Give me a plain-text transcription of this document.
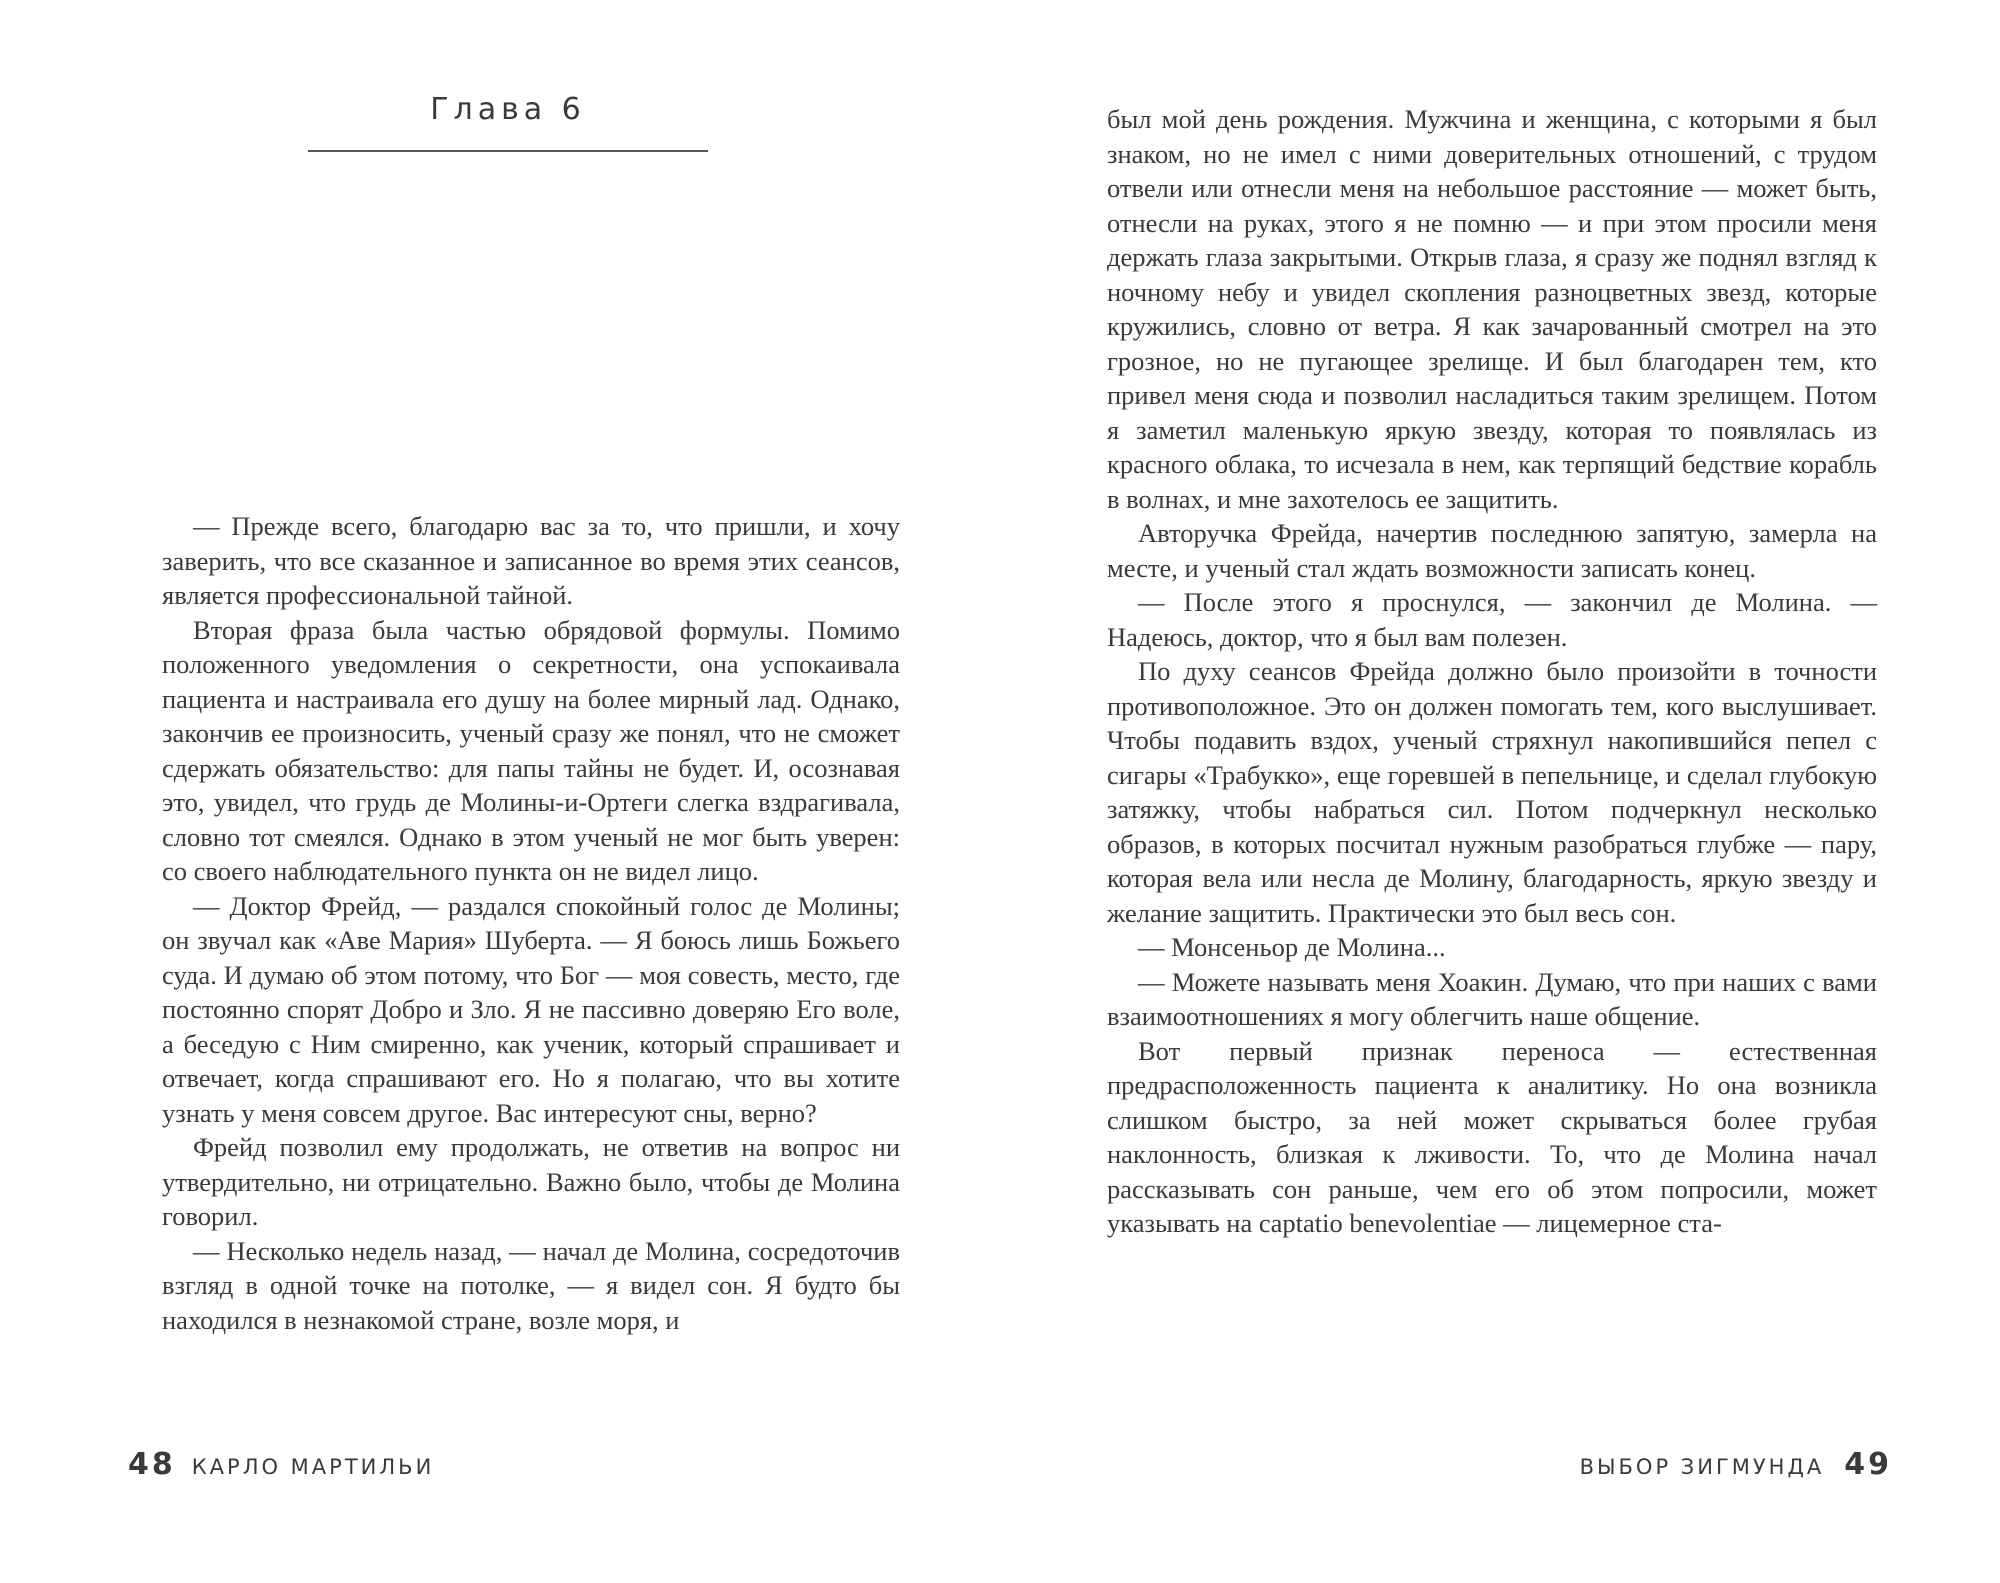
Глава 6

— Прежде всего, благодарю вас за то, что пришли, и хочу заверить, что все сказанное и записанное во время этих сеансов, является профессиональной тайной.

Вторая фраза была частью обрядовой формулы. Помимо положенного уведомления о секретности, она успокаивала пациента и настраивала его душу на более мирный лад. Однако, закончив ее произносить, ученый сразу же понял, что не сможет сдержать обязательство: для папы тайны не будет. И, осознавая это, увидел, что грудь де Молины-и-Ортеги слегка вздрагивала, словно тот смеялся. Однако в этом ученый не мог быть уверен: со своего наблюдательного пункта он не видел лицо.

— Доктор Фрейд, — раздался спокойный голос де Молины; он звучал как «Аве Мария» Шуберта. — Я боюсь лишь Божьего суда. И думаю об этом потому, что Бог — моя совесть, место, где постоянно спорят Добро и Зло. Я не пассивно доверяю Его воле, а беседую с Ним смиренно, как ученик, который спрашивает и отвечает, когда спрашивают его. Но я полагаю, что вы хотите узнать у меня совсем другое. Вас интересуют сны, верно?

Фрейд позволил ему продолжать, не ответив на вопрос ни утвердительно, ни отрицательно. Важно было, чтобы де Молина говорил.

— Несколько недель назад, — начал де Молина, сосредоточив взгляд в одной точке на потолке, — я видел сон. Я будто бы находился в незнакомой стране, возле моря, и

48 КАРЛО МАРТИЛЬИ

был мой день рождения. Мужчина и женщина, с которыми я был знаком, но не имел с ними доверительных отношений, с трудом отвели или отнесли меня на небольшое расстояние — может быть, отнесли на руках, этого я не помню — и при этом просили меня держать глаза закрытыми. Открыв глаза, я сразу же поднял взгляд к ночному небу и увидел скопления разноцветных звезд, которые кружились, словно от ветра. Я как зачарованный смотрел на это грозное, но не пугающее зрелище. И был благодарен тем, кто привел меня сюда и позволил насладиться таким зрелищем. Потом я заметил маленькую яркую звезду, которая то появлялась из красного облака, то исчезала в нем, как терпящий бедствие корабль в волнах, и мне захотелось ее защитить.

Авторучка Фрейда, начертив последнюю запятую, замерла на месте, и ученый стал ждать возможности записать конец.

— После этого я проснулся, — закончил де Молина. — Надеюсь, доктор, что я был вам полезен.

По духу сеансов Фрейда должно было произойти в точности противоположное. Это он должен помогать тем, кого выслушивает. Чтобы подавить вздох, ученый стряхнул накопившийся пепел с сигары «Трабукко», еще горевшей в пепельнице, и сделал глубокую затяжку, чтобы набраться сил. Потом подчеркнул несколько образов, в которых посчитал нужным разобраться глубже — пару, которая вела или несла де Молину, благодарность, яркую звезду и желание защитить. Практически это был весь сон.

— Монсеньор де Молина...

— Можете называть меня Хоакин. Думаю, что при наших с вами взаимоотношениях я могу облегчить наше общение.

Вот первый признак переноса — естественная предрасположенность пациента к аналитику. Но она возникла слишком быстро, за ней может скрываться более грубая наклонность, близкая к лживости. То, что де Молина начал рассказывать сон раньше, чем его об этом попросили, может указывать на captatio benevolentiae — лицемерное ста-

ВЫБОР ЗИГМУНДА 49
